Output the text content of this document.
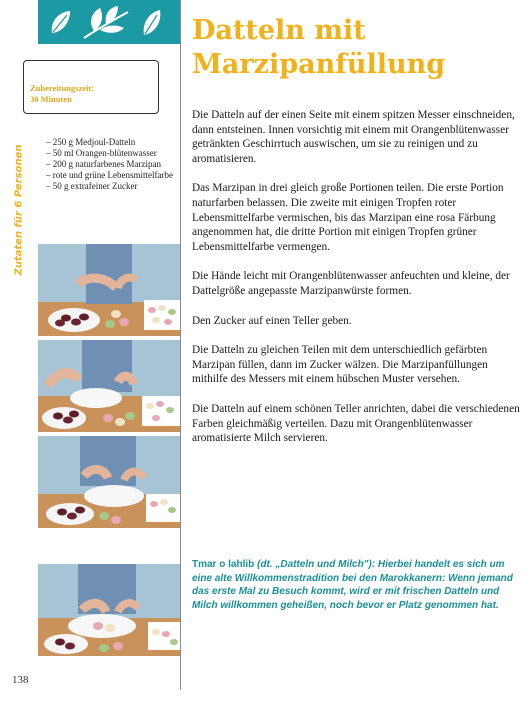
Zubereitungszeit:
30 Minuten
Zutaten für 6 Personen
– 250 g Medjoul-Datteln
– 50 ml Orangen-blütenwasser
– 200 g naturfarbenes Marzipan
– rote und grüne Lebensmittelfarbe
– 50 g extrafeiner Zucker
138
Datteln mit Marzipanfüllung

Die Datteln auf der einen Seite mit einem spitzen Messer einschneiden, dann entsteinen. Innen vorsichtig mit einem mit Orangenblütenwasser getränkten Geschirrtuch auswischen, um sie zu reinigen und zu aromatisieren.

Das Marzipan in drei gleich große Portionen teilen. Die erste Portion naturfarben belassen. Die zweite mit einigen Tropfen roter Lebensmittelfarbe vermischen, bis das Marzipan eine rosa Färbung angenommen hat, die dritte Portion mit einigen Tropfen grüner Lebensmittelfarbe vermengen.

Die Hände leicht mit Orangenblütenwasser anfeuchten und kleine, der Dattelgröße angepasste Marzipanwürste formen.

Den Zucker auf einen Teller geben.

Die Datteln zu gleichen Teilen mit dem unterschiedlich gefärbten Marzipan füllen, dann im Zucker wälzen. Die Marzipanfüllungen mithilfe des Messers mit einem hübschen Muster versehen.

Die Datteln auf einem schönen Teller anrichten, dabei die verschiedenen Farben gleichmäßig verteilen. Dazu mit Orangenblütenwasser aromatisierte Milch servieren.

Tmar o lahlib (dt. „Datteln und Milch"): Hierbei handelt es sich um eine alte Willkommenstradition bei den Marokkanern: Wenn jemand das erste Mal zu Besuch kommt, wird er mit frischen Datteln und Milch willkommen geheißen, noch bevor er Platz genommen hat.
